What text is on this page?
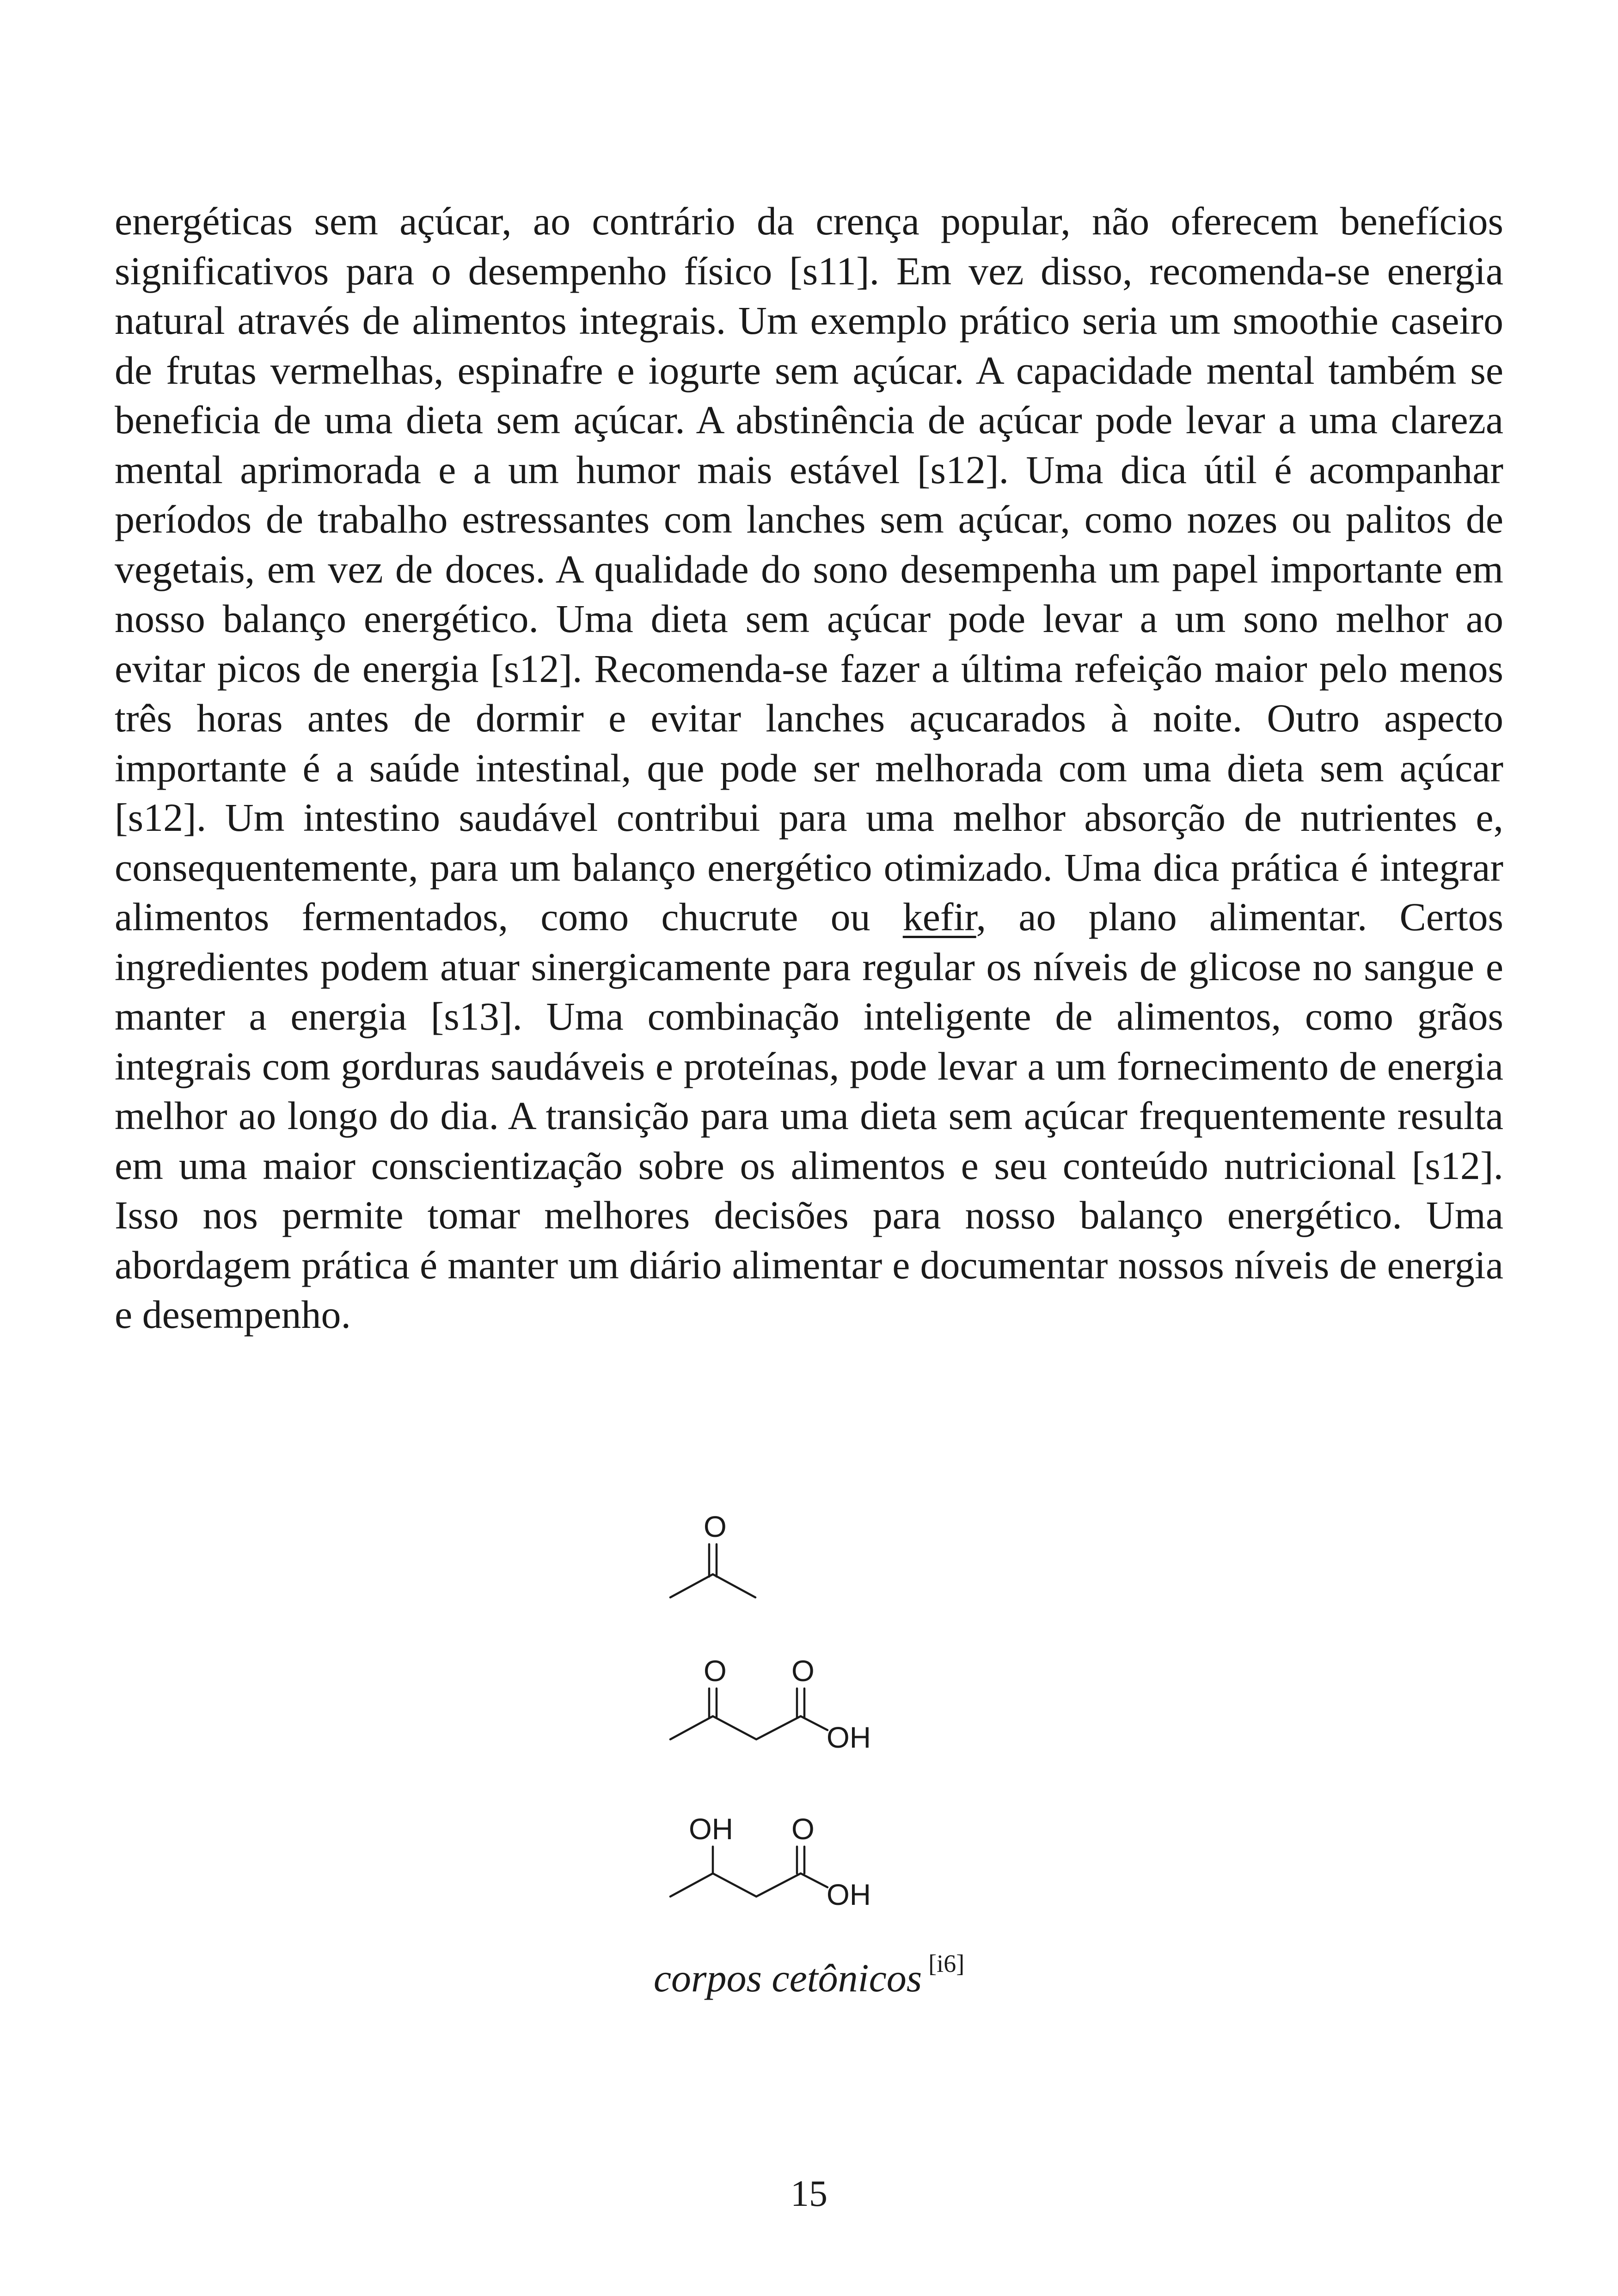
energéticas sem açúcar, ao contrário da crença popular, não oferecem benefícios significativos para o desempenho físico [s11]. Em vez disso, recomenda-se energia natural através de alimentos integrais. Um exemplo prático seria um smoothie caseiro de frutas vermelhas, espinafre e iogurte sem açúcar. A capacidade mental também se beneficia de uma dieta sem açúcar. A abstinência de açúcar pode levar a uma clareza mental aprimorada e a um humor mais estável [s12]. Uma dica útil é acompanhar períodos de trabalho estressantes com lanches sem açúcar, como nozes ou palitos de vegetais, em vez de doces. A qualidade do sono desempenha um papel importante em nosso balanço energético. Uma dieta sem açúcar pode levar a um sono melhor ao evitar picos de energia [s12]. Recomenda-se fazer a última refeição maior pelo menos três horas antes de dormir e evitar lanches açucarados à noite. Outro aspecto importante é a saúde intestinal, que pode ser melhorada com uma dieta sem açúcar [s12]. Um intestino saudável contribui para uma melhor absorção de nutrientes e, consequentemente, para um balanço energético otimizado. Uma dica prática é integrar alimentos fermentados, como chucrute ou kefir, ao plano alimentar. Certos ingredientes podem atuar sinergicamente para regular os níveis de glicose no sangue e manter a energia [s13]. Uma combinação inteligente de alimentos, como grãos integrais com gorduras saudáveis e proteínas, pode levar a um fornecimento de energia melhor ao longo do dia. A transição para uma dieta sem açúcar frequentemente resulta em uma maior conscientização sobre os alimentos e seu conteúdo nutricional [s12]. Isso nos permite tomar melhores decisões para nosso balanço energético. Uma abordagem prática é manter um diário alimentar e documentar nossos níveis de energia e desempenho.

O
O O
OH
OH O
OH

corpos cetônicos [i6]

15
